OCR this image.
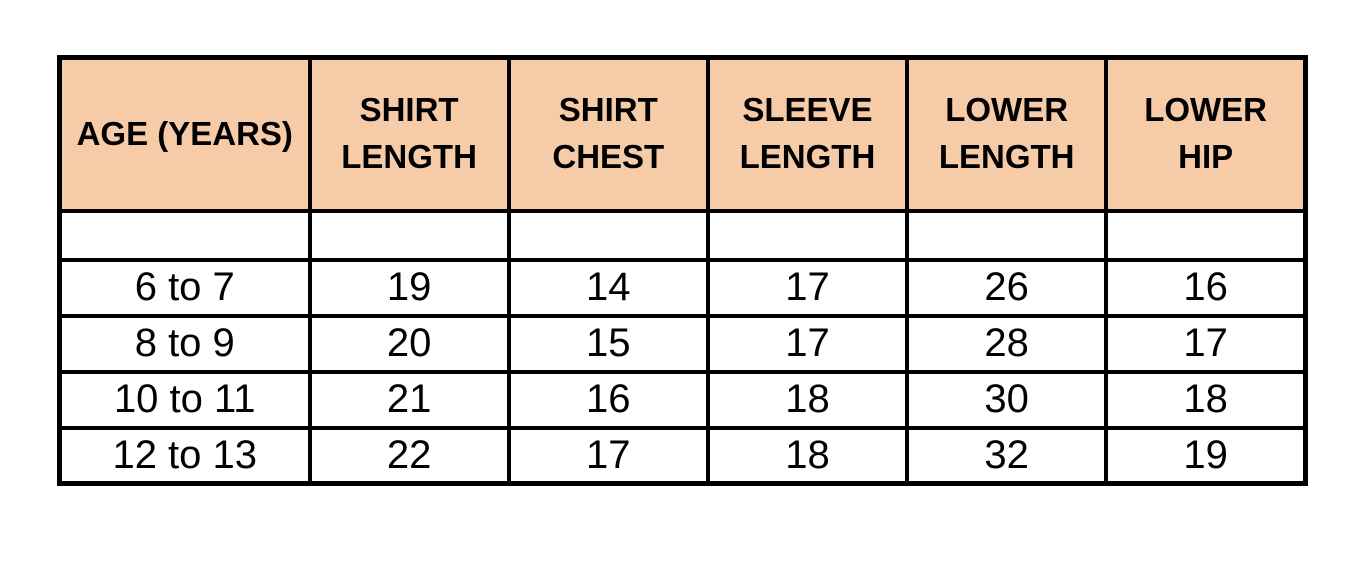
AGE (YEARS)	SHIRT LENGTH	SHIRT CHEST	SLEEVE LENGTH	LOWER LENGTH	LOWER HIP

6 to 7	19	14	17	26	16
8 to 9	20	15	17	28	17
10 to 11	21	16	18	30	18
12 to 13	22	17	18	32	19
